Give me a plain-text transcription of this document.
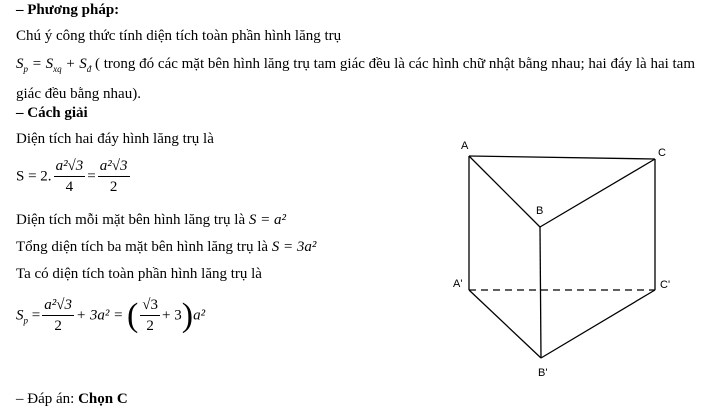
– Phương pháp:
Chú ý công thức tính diện tích toàn phần hình lăng trụ
$S_p = S_{xq} + S_đ$ ( trong đó các mặt bên hình lăng trụ tam giác đều là các hình chữ nhật bằng nhau; hai đáy là hai tam giác đều bằng nhau).
– Cách giải
Diện tích hai đáy hình lăng trụ là
S = 2. $\frac{\text{a²√3}}{4} = \frac{\text{a²√3}}{2}$
Diện tích mỗi mặt bên hình lăng trụ là S = a²
Tổng diện tích ba mặt bên hình lăng trụ là S = 3a²
Ta có diện tích toàn phần hình lăng trụ là
$S_p = \frac{\text{a²√3}}{2} + 3a^2$ = ( $\frac{√3}{2} + 3)a^2$
– Đáp án: Chọn C
A
C
B
A'	C'
B'
